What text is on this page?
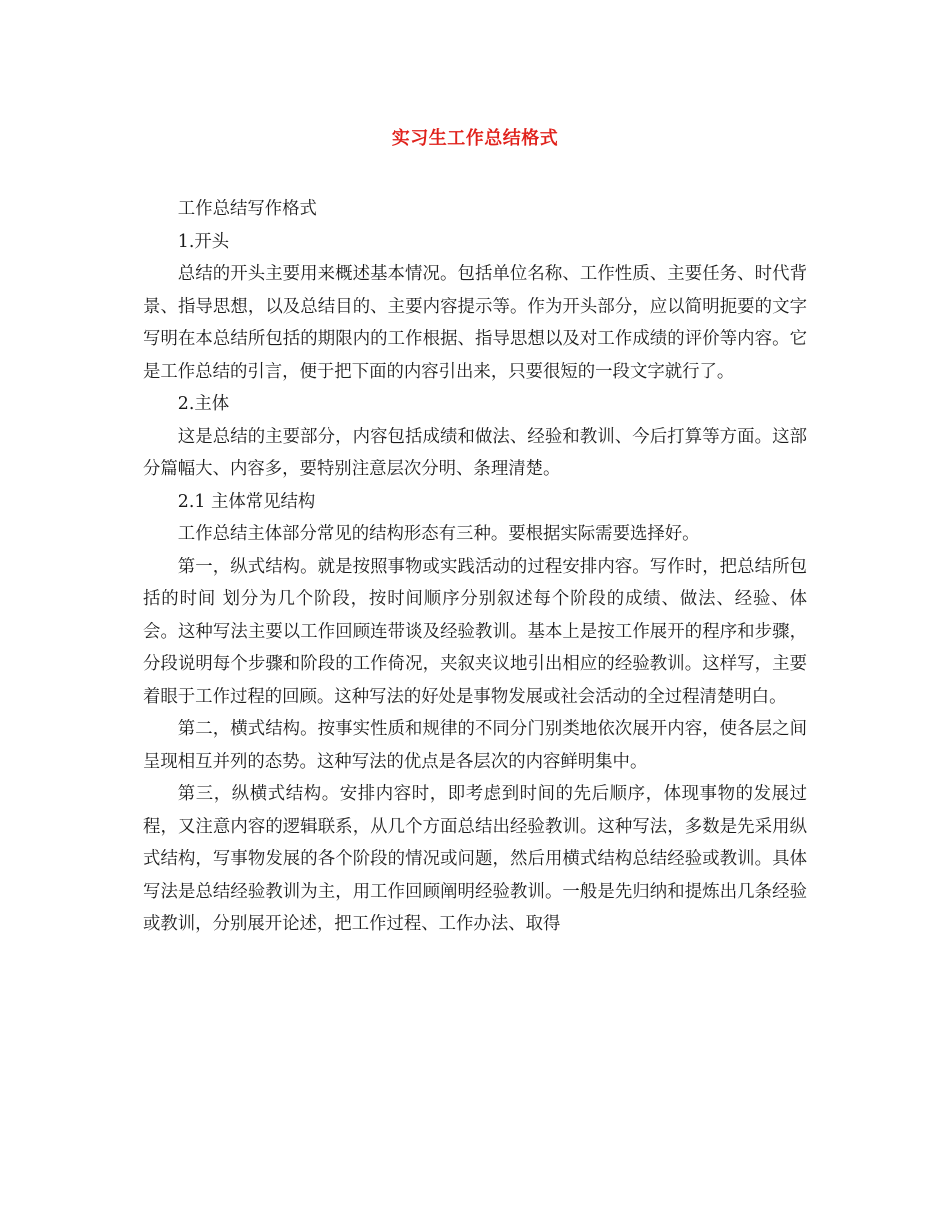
实习生工作总结格式

工作总结写作格式

1.开头

总结的开头主要用来概述基本情况。包括单位名称、工作性质、主要任务、时代背景、指导思想，以及总结目的、主要内容提示等。作为开头部分，应以简明扼要的文字写明在本总结所包括的期限内的工作根据、指导思想以及对工作成绩的评价等内容。它是工作总结的引言，便于把下面的内容引出来，只要很短的一段文字就行了。

2.主体

这是总结的主要部分，内容包括成绩和做法、经验和教训、今后打算等方面。这部分篇幅大、内容多，要特别注意层次分明、条理清楚。

2.1 主体常见结构

工作总结主体部分常见的结构形态有三种。要根据实际需要选择好。

第一，纵式结构。就是按照事物或实践活动的过程安排内容。写作时，把总结所包括的时间 划分为几个阶段，按时间顺序分别叙述每个阶段的成绩、做法、经验、体会。这种写法主要以工作回顾连带谈及经验教训。基本上是按工作展开的程序和步骤，分段说明每个步骤和阶段的工作倚况，夹叙夹议地引出相应的经验教训。这样写，主要着眼于工作过程的回顾。这种写法的好处是事物发展或社会活动的全过程清楚明白。

第二，横式结构。按事实性质和规律的不同分门别类地依次展开内容，使各层之间呈现相互并列的态势。这种写法的优点是各层次的内容鲜明集中。

第三，纵横式结构。安排内容时，即考虑到时间的先后顺序，体现事物的发展过程，又注意内容的逻辑联系，从几个方面总结出经验教训。这种写法，多数是先采用纵式结构，写事物发展的各个阶段的情况或问题，然后用横式结构总结经验或教训。具体写法是总结经验教训为主，用工作回顾阐明经验教训。一般是先归纳和提炼出几条经验或教训，分别展开论述，把工作过程、工作办法、取得
